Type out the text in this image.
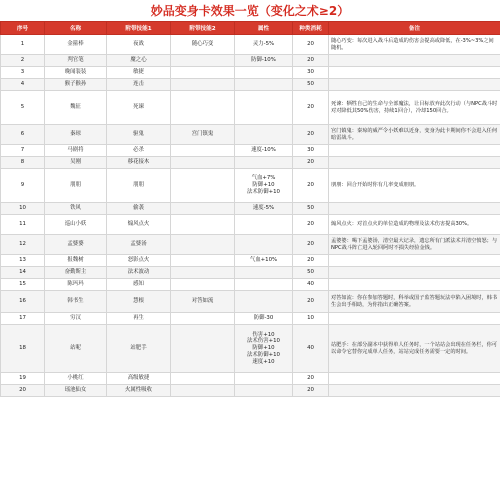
妙品变身卡效果一览（变化之术≥2）
序号	名称	附带技能1	附带技能2	属性	种类消耗	备注
1	金箍棒	夜战	随心巧变	灵力-5%	20	随心巧变：每次进入战斗后造成的伤害会提高或降低，在-3%~3%之间随机。
2	判官笔	魔之心		防御-10%	20	
3	晚闻装装	敏捷			30	
4	猴子猴孙	连击			50	
5	魏征	死谏			20	死谏：牺牲自己的生命与全部魔法，让目标放弃此次行动（与NPC战斗时对对降低其50%伤害，持续1回合），冷却150回合。
6	秦琼	驱鬼	宫门镇鬼		20	宫门镇鬼：秦琼的威严令小妖难以近身，变身为此卡期间你不会进入任何暗雷战斗。
7	马剧将	必杀		速度-10%	30	
8	吴刚	移花接木			20	
9	朋朋	朋朋		气血+7%
防御+10
法术防御+10	20	朋朋：回合开始时你有几率变成朋朋。
10	铁风	偷袭		速度-5%	50	
11	巡山小妖	煽风点火			20	煽风点火：对首点火的单位造成的物理及法术伤害提高30%。
12	孟婆婆	孟婆汤			20	孟婆婆：喝下孟婆汤，清空最大记录，遗忘所有门派法术并清空愤怒；与NPC战斗阵亡进入轮回阿时不损失经验金钱。
13	报魏树	怒影点火		气血+10%	20	
14	奋勤斯主	法术波动			50	
15	陈玛玛	感知			40	
16	韩书生	慧根	对答如流		20	对答如流：你在参加答题时，科举或国子监答题玩法中陷入困境时，韩书生会出手相助，为你指出正确答案。
17	穷汉	再生		防御-30	10	
18	站呢	站肥手		伤害+10
法术伤害+10
防御+10
法术防御+10
速度+10	40	站肥手：在部分副本中获得单人任务时，一个站站会出现在任务栏，你可以命令它替你完成单人任务，站站完成任务需要一定的时间。
19	小桃红	高级敏捷			20	
20	瑶池仙女	火属性吸收			20	
